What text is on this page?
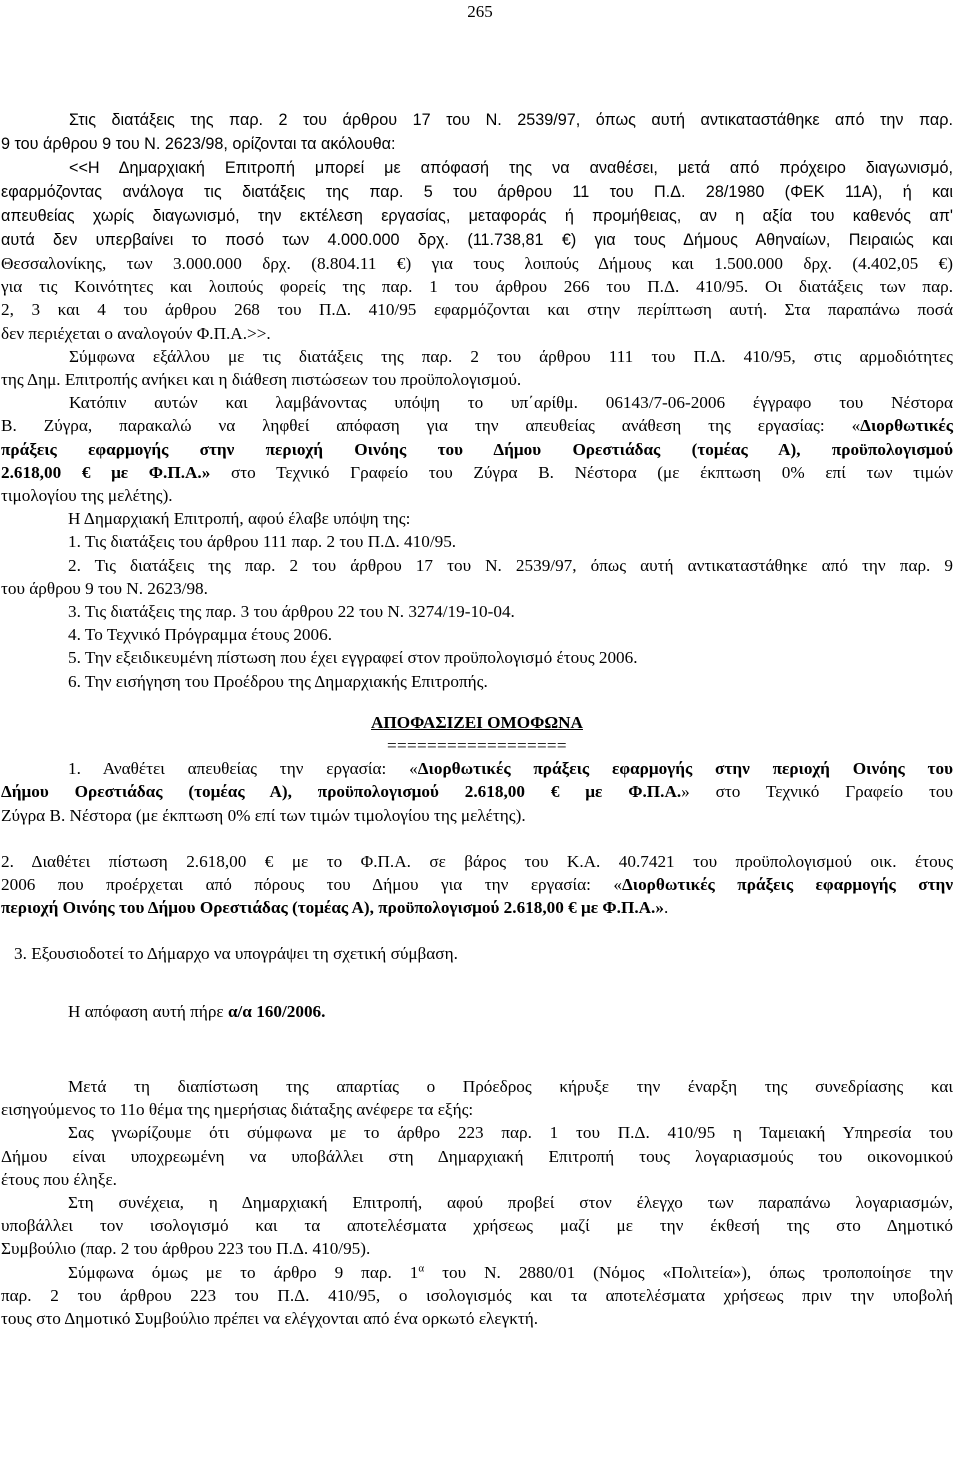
265

Στις διατάξεις της παρ. 2 του άρθρου 17 του Ν. 2539/97, όπως αυτή αντικαταστάθηκε από την παρ.

9 του άρθρου 9 του Ν. 2623/98, ορίζονται τα ακόλουθα:

<<Η Δημαρχιακή Επιτροπή μπορεί με απόφασή της να αναθέσει, μετά από πρόχειρο διαγωνισμό,

εφαρμόζοντας ανάλογα τις διατάξεις της παρ. 5 του άρθρου 11 του Π.Δ. 28/1980 (ΦΕΚ 11Α), ή και

απευθείας χωρίς διαγωνισμό, την εκτέλεση εργασίας, μεταφοράς ή προμήθειας, αν η αξία του καθενός απ'

αυτά δεν υπερβαίνει το ποσό των 4.000.000 δρχ. (11.738,81 €) για τους Δήμους Αθηναίων, Πειραιώς και

Θεσσαλονίκης, των 3.000.000 δρχ. (8.804.11 €) για τους λοιπούς Δήμους και 1.500.000 δρχ. (4.402,05 €)

για τις Κοινότητες και λοιπούς φορείς της παρ. 1 του άρθρου 266 του Π.Δ. 410/95. Οι διατάξεις των παρ.

2, 3 και 4 του άρθρου 268 του Π.Δ. 410/95 εφαρμόζονται και στην περίπτωση αυτή. Στα παραπάνω ποσά

δεν περιέχεται ο αναλογούν Φ.Π.Α.>>.

Σύμφωνα εξάλλου με τις διατάξεις της παρ. 2 του άρθρου 111 του Π.Δ. 410/95, στις αρμοδιότητες

της Δημ. Επιτροπής ανήκει και η διάθεση πιστώσεων του προϋπολογισμού.

Κατόπιν αυτών και λαμβάνοντας υπόψη το υπ΄αρίθμ. 06143/7-06-2006 έγγραφο του Νέστορα

Β. Ζύγρα, παρακαλώ να ληφθεί απόφαση για την απευθείας ανάθεση της εργασίας: «Διορθωτικές

πράξεις εφαρμογής στην περιοχή Οινόης του Δήμου Ορεστιάδας (τομέας Α), προϋπολογισμού

2.618,00 € με Φ.Π.Α.» στο Τεχνικό Γραφείο του Ζύγρα Β. Νέστορα (με έκπτωση 0% επί των τιμών

τιμολογίου της μελέτης).

Η Δημαρχιακή Επιτροπή, αφού έλαβε υπόψη της:

1. Τις διατάξεις του άρθρου 111 παρ. 2 του Π.Δ. 410/95.

2. Τις διατάξεις της παρ. 2 του άρθρου 17 του Ν. 2539/97, όπως αυτή αντικαταστάθηκε από την παρ. 9

του άρθρου 9 του Ν. 2623/98.

3. Τις διατάξεις της παρ. 3 του άρθρου 22 του Ν. 3274/19-10-04.

4. Το Τεχνικό Πρόγραμμα έτους 2006.

5. Την εξειδικευμένη πίστωση που έχει εγγραφεί στον προϋπολογισμό έτους 2006.

6. Την εισήγηση του Προέδρου της Δημαρχιακής Επιτροπής.

ΑΠΟΦΑΣΙΖΕΙ ΟΜΟΦΩΝΑ

==================

1. Αναθέτει απευθείας την εργασία: «Διορθωτικές πράξεις εφαρμογής στην περιοχή Οινόης του

Δήμου Ορεστιάδας (τομέας Α), προϋπολογισμού 2.618,00 € με Φ.Π.Α.» στο Τεχνικό Γραφείο του

Ζύγρα Β. Νέστορα (με έκπτωση 0% επί των τιμών τιμολογίου της μελέτης).

2. Διαθέτει πίστωση 2.618,00 € με το Φ.Π.Α. σε βάρος του Κ.Α. 40.7421 του προϋπολογισμού οικ. έτους

2006 που προέρχεται από πόρους του Δήμου για την εργασία: «Διορθωτικές πράξεις εφαρμογής στην

περιοχή Οινόης του Δήμου Ορεστιάδας (τομέας Α), προϋπολογισμού 2.618,00 € με Φ.Π.Α.».

3. Εξουσιοδοτεί το Δήμαρχο να υπογράψει τη σχετική σύμβαση.

Η απόφαση αυτή πήρε α/α 160/2006.

Μετά τη διαπίστωση της απαρτίας ο Πρόεδρος κήρυξε την έναρξη της συνεδρίασης και

εισηγούμενος το 11ο θέμα της ημερήσιας διάταξης ανέφερε τα εξής:

Σας γνωρίζουμε ότι σύμφωνα με το άρθρο 223 παρ. 1 του Π.Δ. 410/95 η Ταμειακή Υπηρεσία του

Δήμου είναι υποχρεωμένη να υποβάλλει στη Δημαρχιακή Επιτροπή τους λογαριασμούς του οικονομικού

έτους που έληξε.

Στη συνέχεια, η Δημαρχιακή Επιτροπή, αφού προβεί στον έλεγχο των παραπάνω λογαριασμών,

υποβάλλει τον ισολογισμό και τα αποτελέσματα χρήσεως μαζί με την έκθεσή της στο Δημοτικό

Συμβούλιο (παρ. 2 του άρθρου 223 του Π.Δ. 410/95).

Σύμφωνα όμως με το άρθρο 9 παρ. $1^\alpha$ του Ν. 2880/01 (Νόμος «Πολιτεία»), όπως τροποποίησε την

παρ. 2 του άρθρου 223 του Π.Δ. 410/95, ο ισολογισμός και τα αποτελέσματα χρήσεως πριν την υποβολή

τους στο Δημοτικό Συμβούλιο πρέπει να ελέγχονται από ένα ορκωτό ελεγκτή.
